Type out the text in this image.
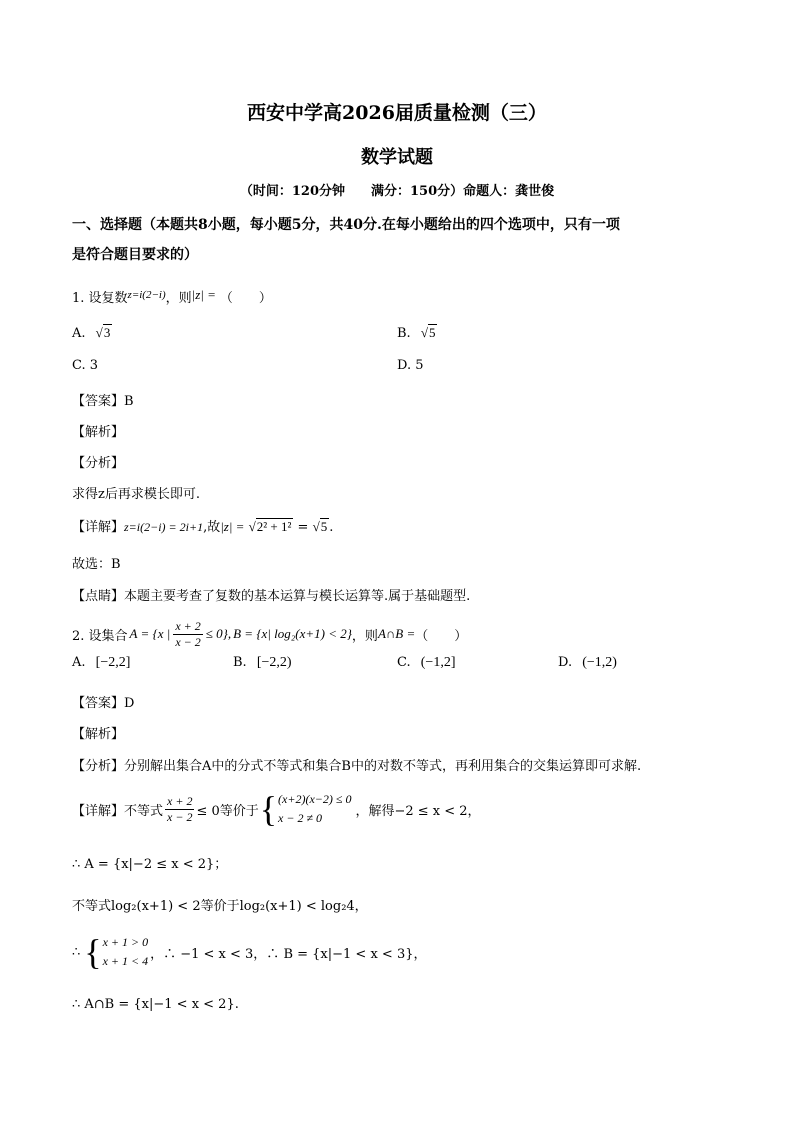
西安中学高2026届质量检测（三）
数学试题
（时间：120分钟　　满分：150分）命题人：龚世俊
一、选择题（本题共8小题，每小题5分，共40分.在每小题给出的四个选项中，只有一项
是符合题目要求的）
1. 设复数$^{z=i(2-i)}$，则|z| = （　　）
A. √3	B. √5
C. 3	D. 5
【答案】B
【解析】
【分析】
求得z后再求模长即可.
【详解】z=i(2−i) = 2i+1,故|z| = √2² + 1² = √5 .
故选：B
【点睛】本题主要考查了复数的基本运算与模长运算等.属于基础题型.
2. 设集合 A = {x | $\frac{x + 2}{x - 2} \le 0$}, B = {x| log₂(x+1) < 2} ，则 A∩B = （　　）
A. [−2,2]	B. [−2,2)	C. (−1,2]	D. (−1,2)
【答案】D
【解析】
【分析】分别解出集合A中的分式不等式和集合B中的对数不等式，再利用集合的交集运算即可求解.
【详解】 不等式 $\frac{x + 2}{x - 2} \le 0$等价于 { (x+2)(x−2) ≤ 0
x − 2 ≠ 0	，解得−2 ≤ x < 2，
∴ A = {x|−2 ≤ x < 2}；
不等式log₂(x+1) < 2等价于log₂(x+1) < log₂4，
∴ { x + 1 > 0
x + 1 < 4 ，∴ −1 < x < 3，∴ B = {x|−1 < x < 3}，
∴ A∩B = {x|−1 < x < 2}.
